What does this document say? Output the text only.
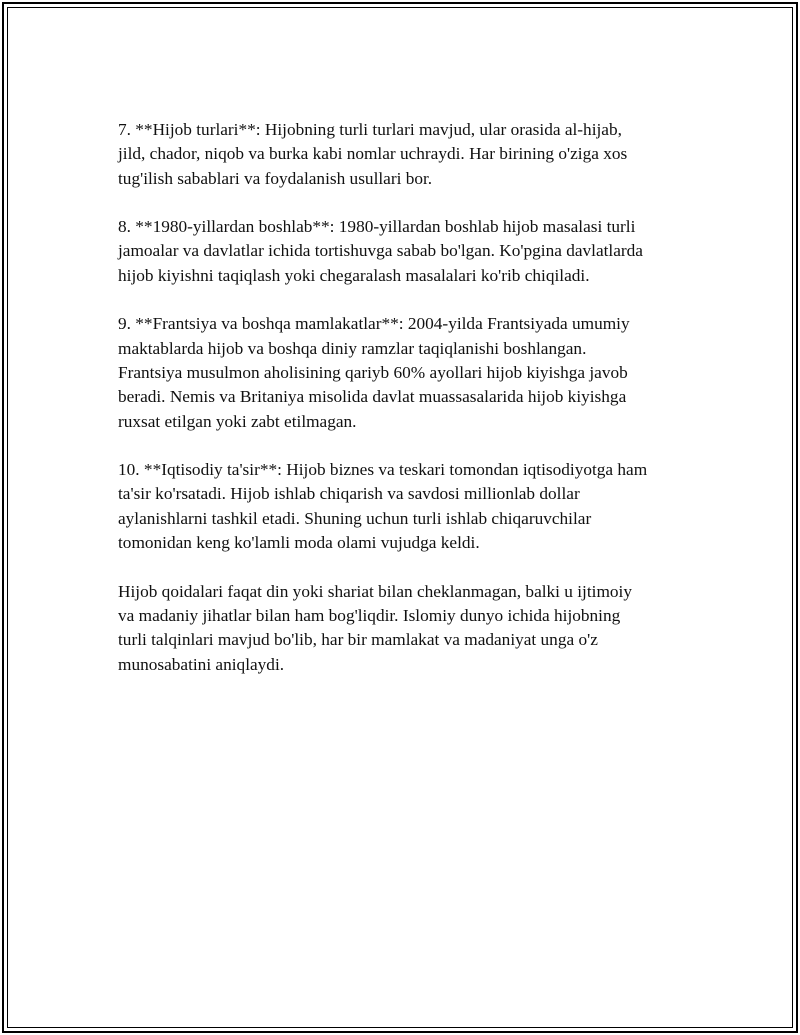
7. **Hijob turlari**: Hijobning turli turlari mavjud, ular orasida al-hijab,
jild, chador, niqob va burka kabi nomlar uchraydi. Har birining o'ziga xos
tug'ilish sabablari va foydalanish usullari bor.

8. **1980-yillardan boshlab**: 1980-yillardan boshlab hijob masalasi turli
jamoalar va davlatlar ichida tortishuvga sabab bo'lgan. Ko'pgina davlatlarda
hijob kiyishni taqiqlash yoki chegaralash masalalari ko'rib chiqiladi.

9. **Frantsiya va boshqa mamlakatlar**: 2004-yilda Frantsiyada umumiy
maktablarda hijob va boshqa diniy ramzlar taqiqlanishi boshlangan.
Frantsiya musulmon aholisining qariyb 60% ayollari hijob kiyishga javob
beradi. Nemis va Britaniya misolida davlat muassasalarida hijob kiyishga
ruxsat etilgan yoki zabt etilmagan.

10. **Iqtisodiy ta'sir**: Hijob biznes va teskari tomondan iqtisodiyotga ham
ta'sir ko'rsatadi. Hijob ishlab chiqarish va savdosi millionlab dollar
aylanishlarni tashkil etadi. Shuning uchun turli ishlab chiqaruvchilar
tomonidan keng ko'lamli moda olami vujudga keldi.

Hijob qoidalari faqat din yoki shariat bilan cheklanmagan, balki u ijtimoiy
va madaniy jihatlar bilan ham bog'liqdir. Islomiy dunyo ichida hijobning
turli talqinlari mavjud bo'lib, har bir mamlakat va madaniyat unga o'z
munosabatini aniqlaydi.
